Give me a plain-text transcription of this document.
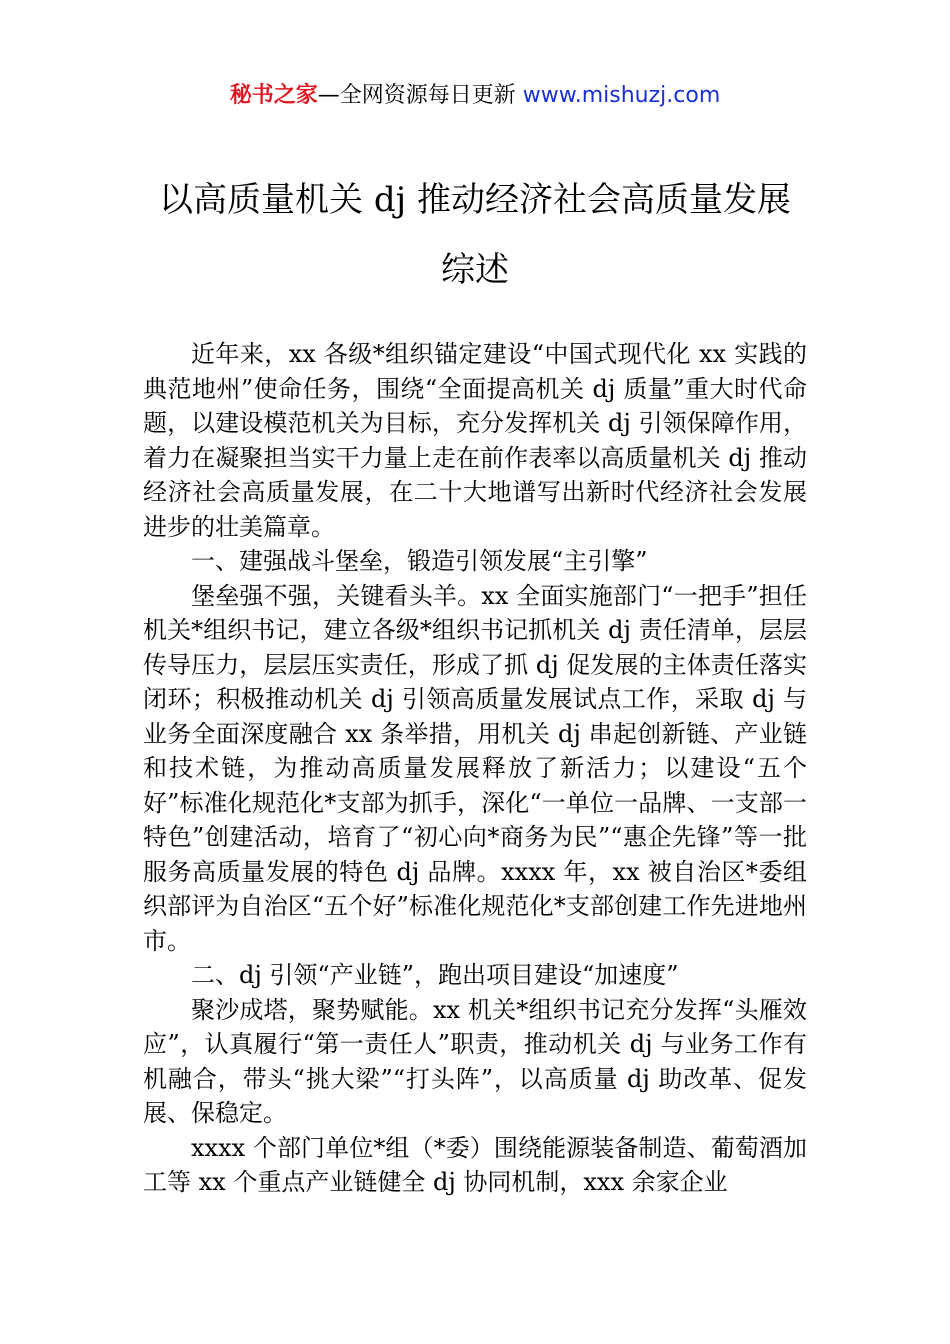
秘书之家—全网资源每日更新 www.mishuzj.com
以高质量机关 dj 推动经济社会高质量发展
综述

近年来，xx 各级*组织锚定建设“中国式现代化 xx 实践的典范地州”使命任务，围绕“全面提高机关 dj 质量”重大时代命题，以建设模范机关为目标，充分发挥机关 dj 引领保障作用，着力在凝聚担当实干力量上走在前作表率以高质量机关 dj 推动经济社会高质量发展，在二十大地谱写出新时代经济社会发展进步的壮美篇章。

一、建强战斗堡垒，锻造引领发展“主引擎”

堡垒强不强，关键看头羊。xx 全面实施部门“一把手”担任机关*组织书记，建立各级*组织书记抓机关 dj 责任清单，层层传导压力，层层压实责任，形成了抓 dj 促发展的主体责任落实闭环；积极推动机关 dj 引领高质量发展试点工作，采取 dj 与业务全面深度融合 xx 条举措，用机关 dj 串起创新链、产业链和技术链，为推动高质量发展释放了新活力；以建设“五个好”标准化规范化*支部为抓手，深化“一单位一品牌、一支部一特色”创建活动，培育了“初心向*商务为民”“惠企先锋”等一批服务高质量发展的特色 dj 品牌。xxxx 年，xx 被自治区*委组织部评为自治区“五个好”标准化规范化*支部创建工作先进地州市。

二、dj 引领“产业链”，跑出项目建设“加速度”

聚沙成塔，聚势赋能。xx 机关*组织书记充分发挥“头雁效应”，认真履行“第一责任人”职责，推动机关 dj 与业务工作有机融合，带头“挑大梁”“打头阵”，以高质量 dj 助改革、促发展、保稳定。

xxxx 个部门单位*组（*委）围绕能源装备制造、葡萄酒加工等 xx 个重点产业链健全 dj 协同机制，xxx 余家企业
